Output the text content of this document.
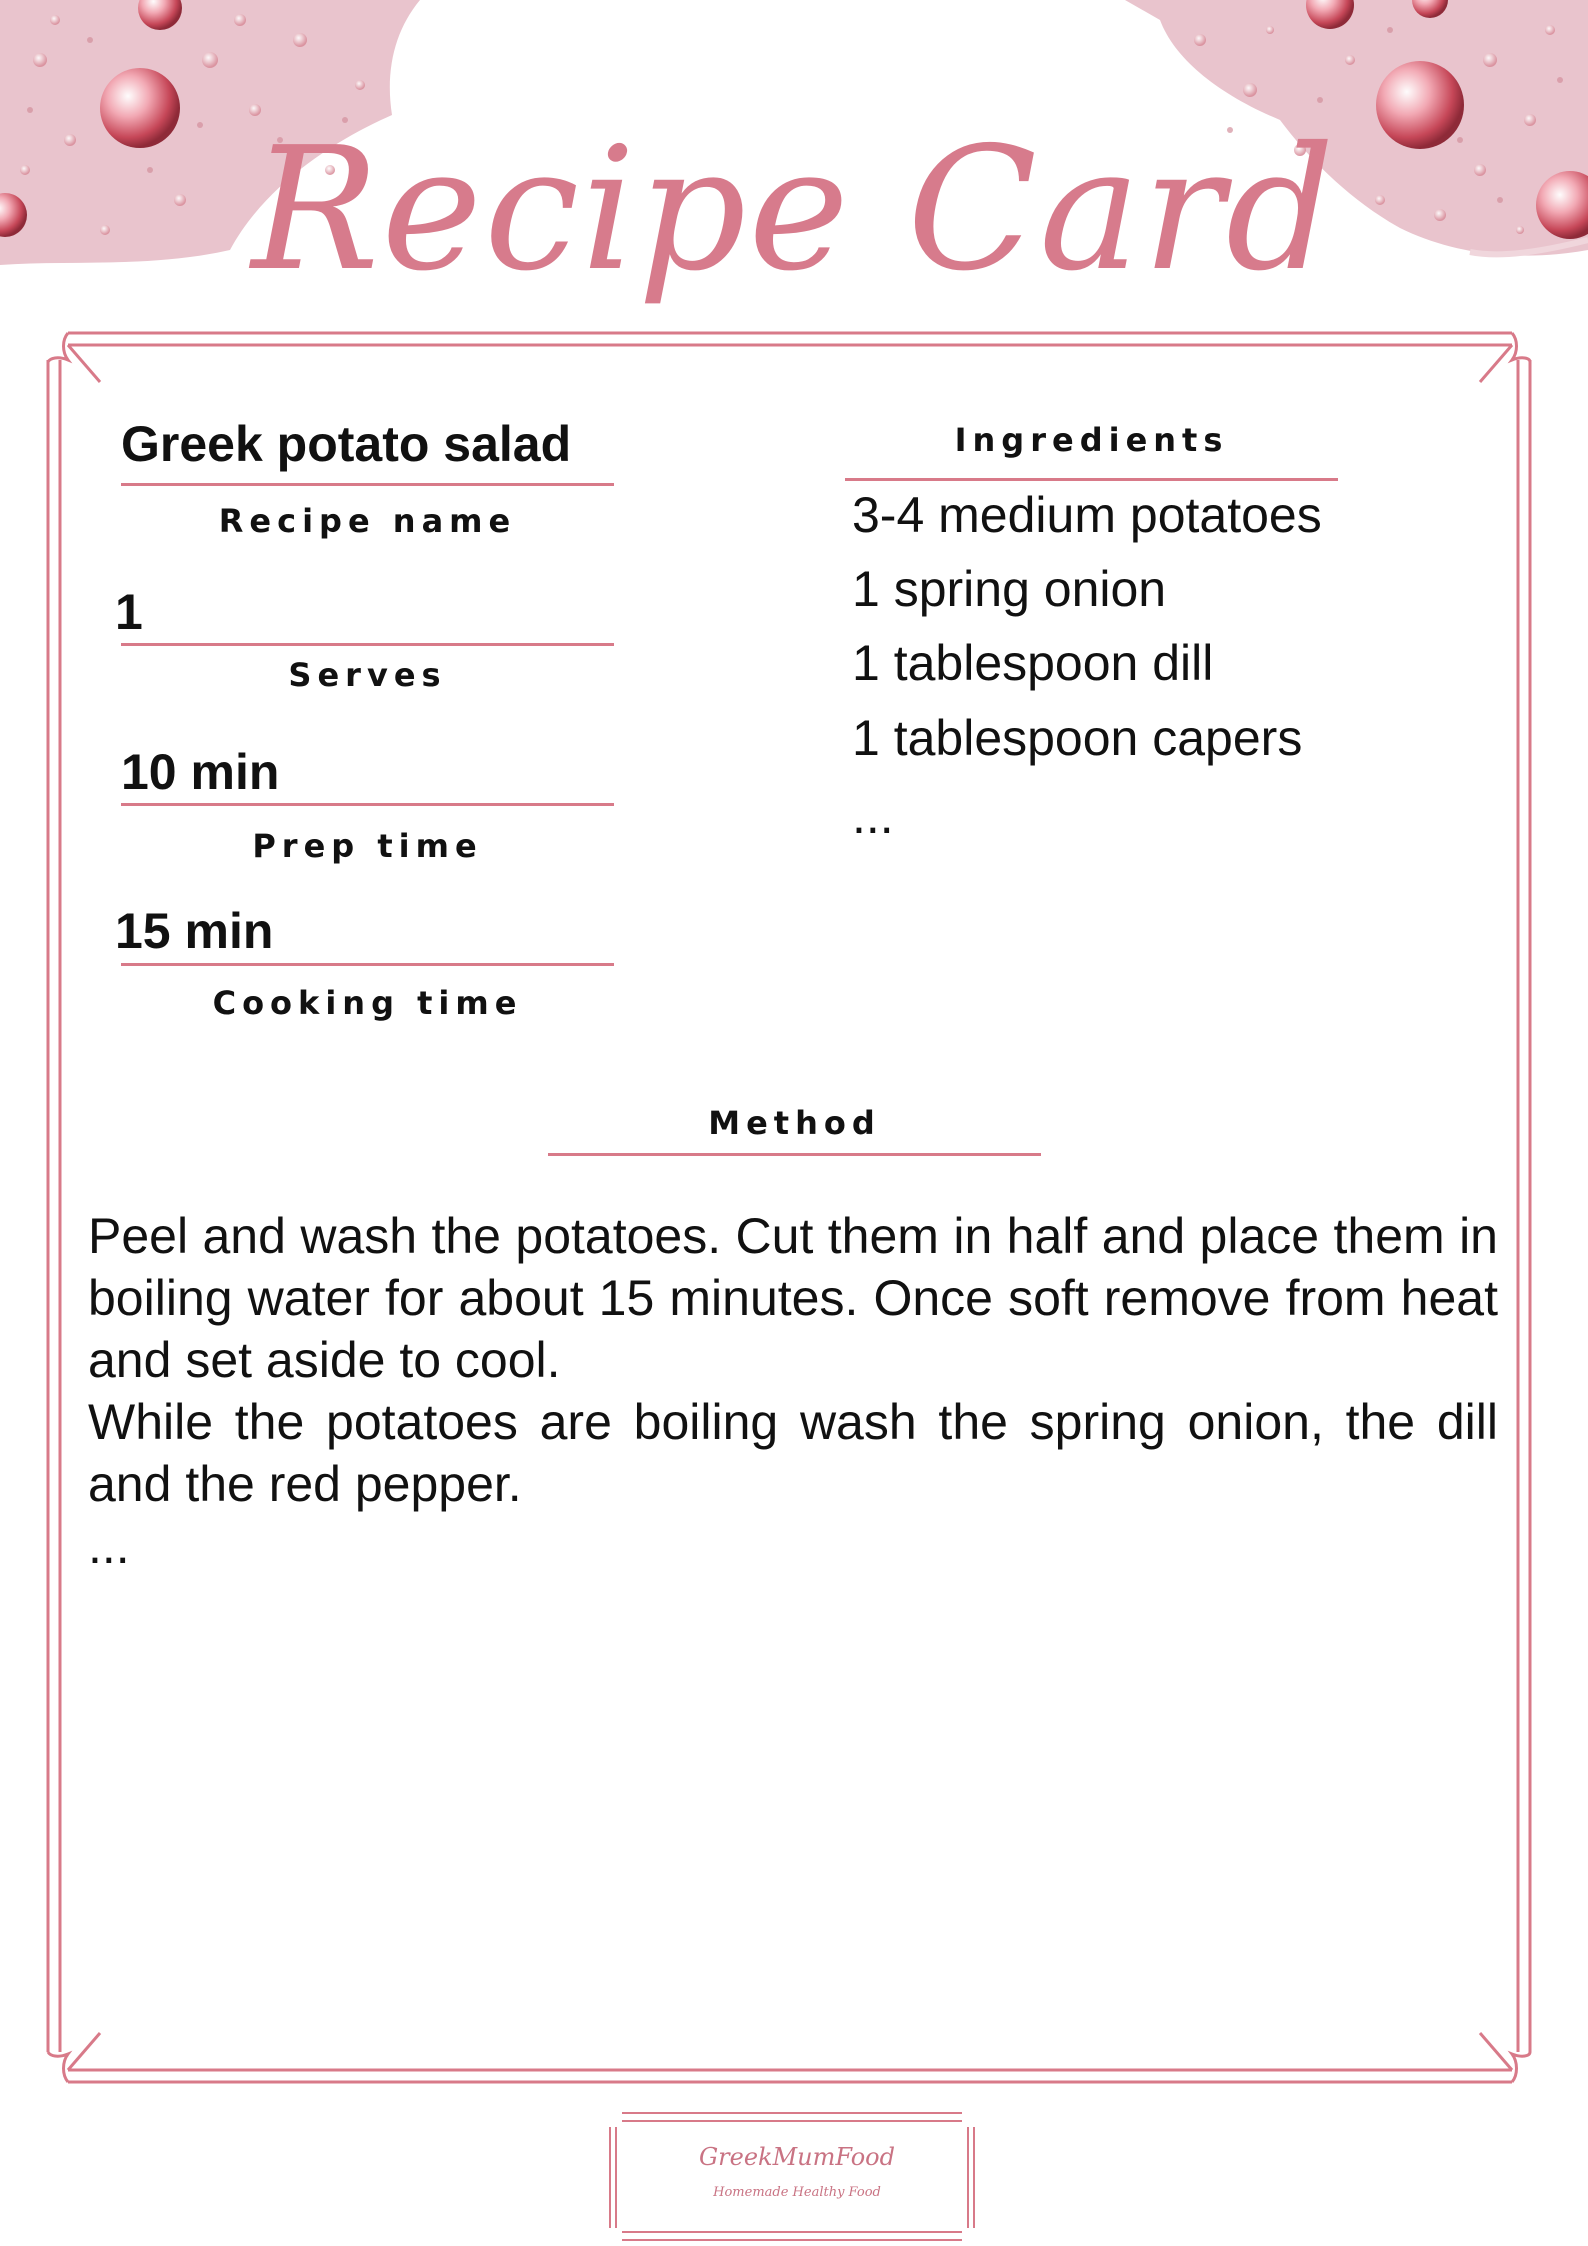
Recipe Card
Greek potato salad
Recipe name
1
Serves
10 min
Prep time
15 min
Cooking time
Ingredients
3-4 medium potatoes
1 spring onion
1 tablespoon dill
1 tablespoon capers
...
Method

Peel and wash the potatoes. Cut them in half and place them in boiling water for about 15 minutes. Once soft remove from heat and set aside to cool.

While the potatoes are boiling wash the spring onion, the dill and the red pepper.

...

GreekMumFood
Homemade Healthy Food
